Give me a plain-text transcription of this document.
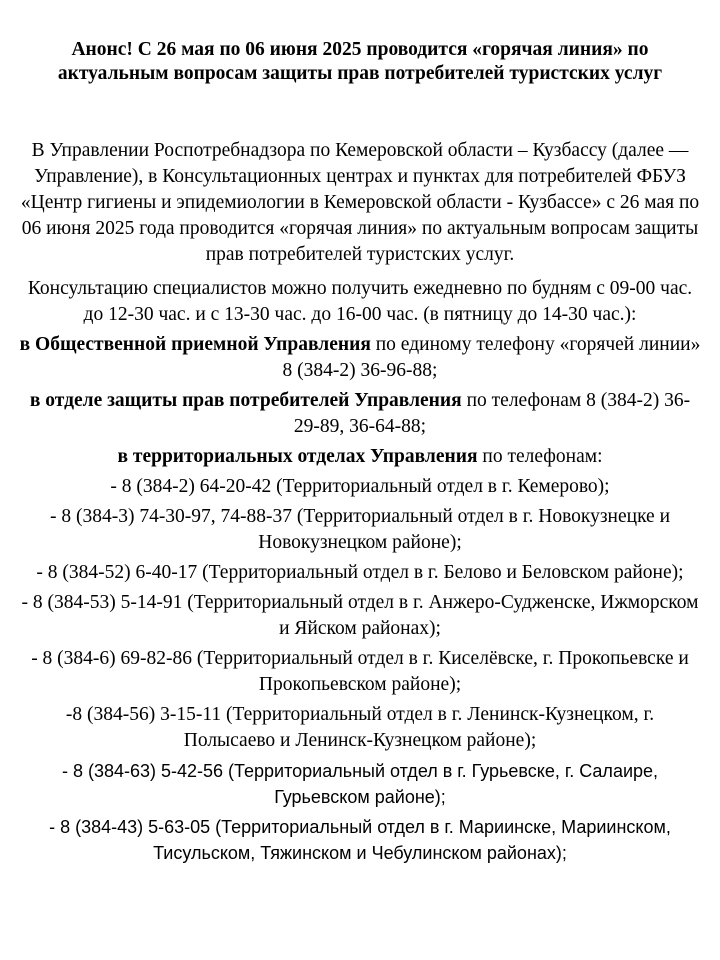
Анонс! С 26 мая по 06 июня 2025 проводится «горячая линия» по актуальным вопросам защиты прав потребителей туристских услуг

В Управлении Роспотребнадзора по Кемеровской области – Кузбассу (далее — Управление), в Консультационных центрах и пунктах для потребителей ФБУЗ «Центр гигиены и эпидемиологии в Кемеровской области - Кузбассе» с 26 мая по 06 июня 2025 года проводится «горячая линия» по актуальным вопросам защиты прав потребителей туристских услуг.

Консультацию специалистов можно получить ежедневно по будням с 09-00 час. до 12-30 час. и с 13-30 час. до 16-00 час. (в пятницу до 14-30 час.):

в Общественной приемной Управления по единому телефону «горячей линии» 8 (384-2) 36-96-88;

в отделе защиты прав потребителей Управления по телефонам 8 (384-2) 36-29-89, 36-64-88;

в территориальных отделах Управления по телефонам:

- 8 (384-2) 64-20-42 (Территориальный отдел в г. Кемерово);

- 8 (384-3) 74-30-97, 74-88-37 (Территориальный отдел в г. Новокузнецке и Новокузнецком районе);

- 8 (384-52) 6-40-17 (Территориальный отдел в г. Белово и Беловском районе);

- 8 (384-53) 5-14-91 (Территориальный отдел в г. Анжеро-Судженске, Ижморском и Яйском районах);

- 8 (384-6) 69-82-86 (Территориальный отдел в г. Киселёвске, г. Прокопьевске и Прокопьевском районе);

-8 (384-56) 3-15-11 (Территориальный отдел в г. Ленинск-Кузнецком, г. Полысаево и Ленинск-Кузнецком районе);

- 8 (384-63) 5-42-56 (Территориальный отдел в г. Гурьевске, г. Салаире, Гурьевском районе);

- 8 (384-43) 5-63-05 (Территориальный отдел в г. Мариинске, Мариинском, Тисульском, Тяжинском и Чебулинском районах);
